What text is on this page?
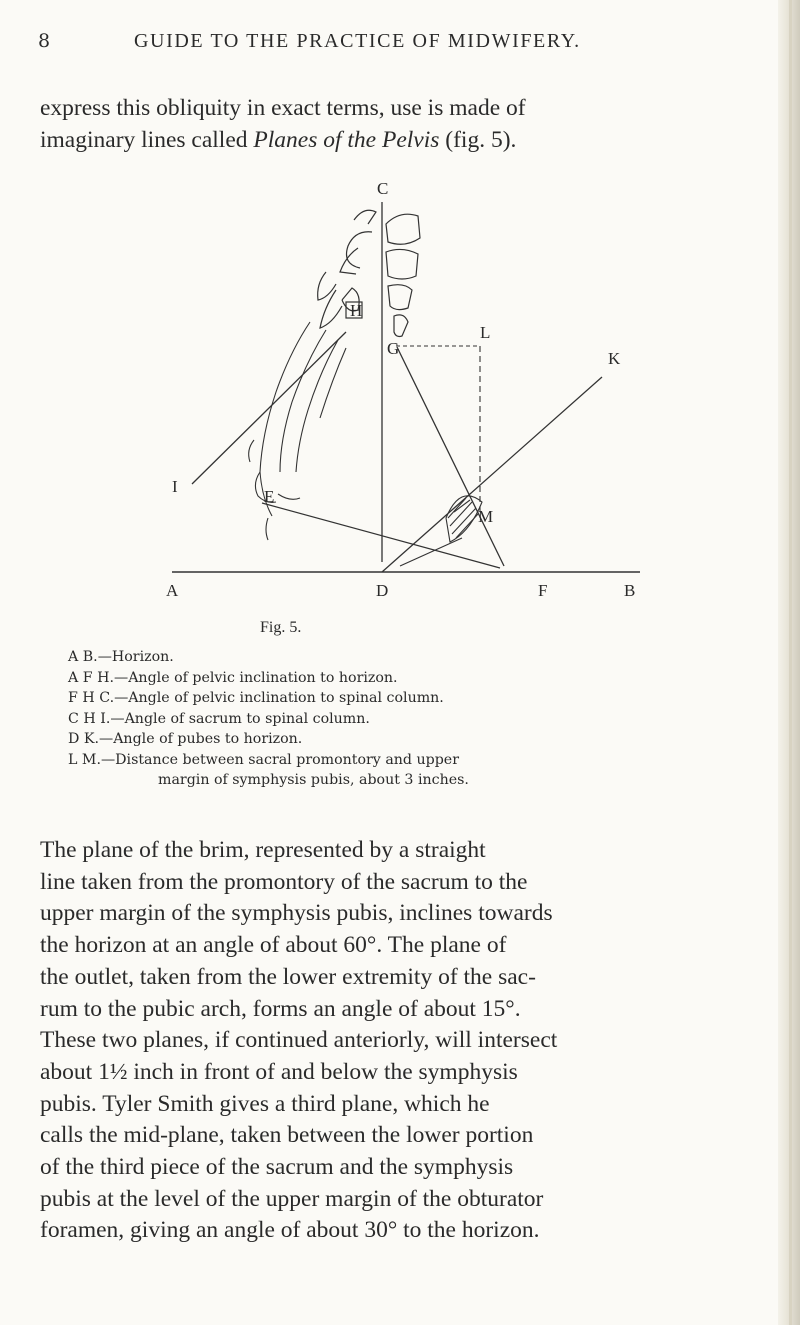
8	GUIDE TO THE PRACTICE OF MIDWIFERY.
express this obliquity in exact terms, use is made of
imaginary lines called Planes of the Pelvis (fig. 5).
C
H
G
L
K
I
E
M
A	D	F	B
Fig. 5.
A B.—Horizon.
A F H.—Angle of pelvic inclination to horizon.
F H C.—Angle of pelvic inclination to spinal column.
C H I.—Angle of sacrum to spinal column.
D K.—Angle of pubes to horizon.
L M.—Distance between sacral promontory and upper
margin of symphysis pubis, about 3 inches.
The plane of the brim, represented by a straight
line taken from the promontory of the sacrum to the
upper margin of the symphysis pubis, inclines towards
the horizon at an angle of about 60°. The plane of
the outlet, taken from the lower extremity of the sac-
rum to the pubic arch, forms an angle of about 15°.
These two planes, if continued anteriorly, will intersect
about 1½ inch in front of and below the symphysis
pubis. Tyler Smith gives a third plane, which he
calls the mid-plane, taken between the lower portion
of the third piece of the sacrum and the symphysis
pubis at the level of the upper margin of the obturator
foramen, giving an angle of about 30° to the horizon.
